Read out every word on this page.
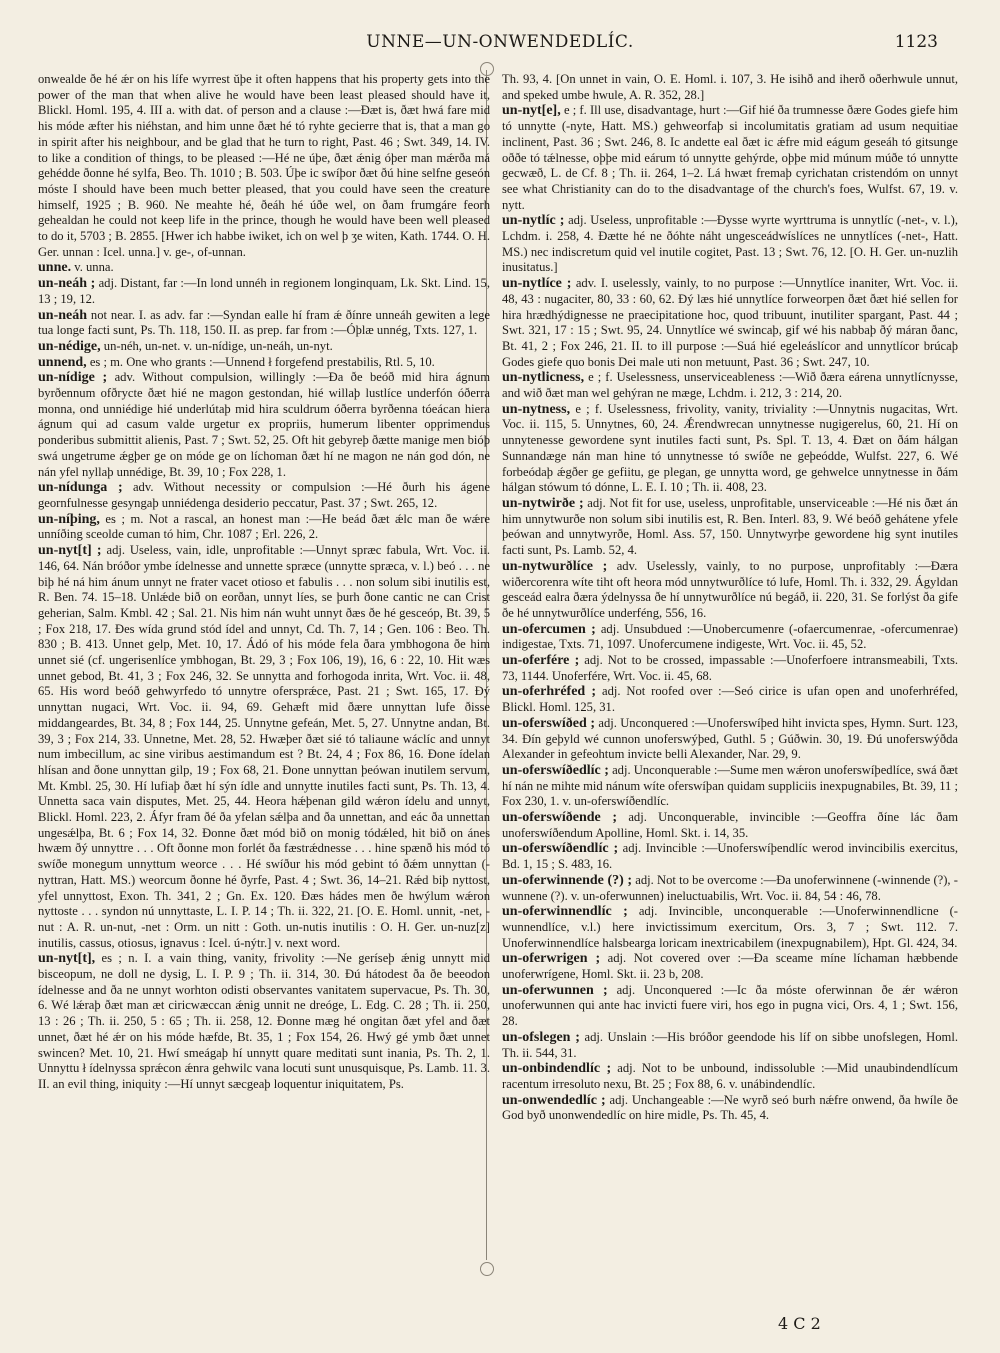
UNNE—UN-ONWENDEDLÍC.	1123

onwealde ðe hé ǽr on his lífe wyrrest ǔþe it often happens that his property gets into the power of the man that when alive he would have been least pleased should have it, Blickl. Homl. 195, 4. III a. with dat. of person and a clause :—Ðæt is, ðæt hwá fare mid his móde æfter his niéhstan, and him unne ðæt hé tó ryhte gecierre that is, that a man go in spirit after his neighbour, and be glad that he turn to right, Past. 46 ; Swt. 349, 14. IV. to like a condition of things, to be pleased :—Hé ne úþe, ðæt ǽnig óþer man mǽrða má gehédde ðonne hé sylfa, Beo. Th. 1010 ; B. 503. Úþe ic swíþor ðæt ðú hine selfne geseón móste I should have been much better pleased, that you could have seen the creature himself, 1925 ; B. 960. Ne meahte hé, ðeáh hé úðe wel, on ðam frumgáre feorh gehealdan he could not keep life in the prince, though he would have been well pleased to do it, 5703 ; B. 2855. [Hwer ich habbe iwiket, ich on wel þ ʒe witen, Kath. 1744. O. H. Ger. unnan : Icel. unna.] v. ge-, of-unnan.

unne. v. unna.

un-neáh ; adj. Distant, far :—In lond unnéh in regionem longinquam, Lk. Skt. Lind. 15, 13 ; 19, 12.

un-neáh not near. I. as adv. far :—Syndan ealle hí fram ǽ ðínre unneáh gewiten a lege tua longe facti sunt, Ps. Th. 118, 150. II. as prep. far from :—Óþlæ unnég, Txts. 127, 1.

un-nédige, un-néh, un-net. v. un-nídige, un-neáh, un-nyt.

unnend, es ; m. One who grants :—Unnend ł forgefend prestabilis, Rtl. 5, 10.

un-nídige ; adv. Without compulsion, willingly :—Ða ðe beóð mid hira ágnum byrðennum ofðrycte ðæt hié ne magon gestondan, hié willaþ lustlíce underfón óðerra monna, ond unniédige hié underlútaþ mid hira sculdrum óðerra byrðenna tóeácan hiera ágnum qui ad casum valde urgetur ex propriis, humerum libenter opprimendus ponderibus submittit alienis, Past. 7 ; Swt. 52, 25. Oft hit gebyreþ ðætte manige men bióþ swá ungetrume ǽgþer ge on móde ge on líchoman ðæt hí ne magon ne nán god dón, ne nán yfel nyllaþ unnédige, Bt. 39, 10 ; Fox 228, 1.

un-nídunga ; adv. Without necessity or compulsion :—Hé ðurh his ágene geornfulnesse gesyngaþ unniédenga desiderio peccatur, Past. 37 ; Swt. 265, 12.

un-níþing, es ; m. Not a rascal, an honest man :—He beád ðæt ǽlc man ðe wǽre unníðing sceolde cuman tó him, Chr. 1087 ; Erl. 226, 2.

un-nyt[t] ; adj. Useless, vain, idle, unprofitable :—Unnyt spræc fabula, Wrt. Voc. ii. 146, 64. Nán bróðor ymbe ídelnesse and unnette spræce (unnytte spræca, v. l.) beó . . . ne biþ hé ná him ánum unnyt ne frater vacet otioso et fabulis . . . non solum sibi inutilis est, R. Ben. 74. 15–18. Unlǽde bið on eorðan, unnyt líes, se þurh ðone cantic ne can Crist geherian, Salm. Kmbl. 42 ; Sal. 21. Nis him nán wuht unnyt ðæs ðe hé gesceóp, Bt. 39, 5 ; Fox 218, 17. Ðes wída grund stód ídel and unnyt, Cd. Th. 7, 14 ; Gen. 106 : Beo. Th. 830 ; B. 413. Unnet gelp, Met. 10, 17. Ádó of his móde fela ðara ymbhogona ðe him unnet sié (cf. ungerisenlíce ymbhogan, Bt. 29, 3 ; Fox 106, 19), 16, 6 : 22, 10. Hit wæs unnet gebod, Bt. 41, 3 ; Fox 246, 32. Se unnytta and forhogoda inrita, Wrt. Voc. ii. 48, 65. His word beóð gehwyrfedo tó unnytre ofersprǽce, Past. 21 ; Swt. 165, 17. Ðý unnyttan nugaci, Wrt. Voc. ii. 94, 69. Gehæft mid ðære unnyttan lufe ðisse middangeardes, Bt. 34, 8 ; Fox 144, 25. Unnytne gefeán, Met. 5, 27. Unnytne andan, Bt. 39, 3 ; Fox 214, 33. Unnetne, Met. 28, 52. Hwæþer ðæt sié tó taliaune wáclíc and unnyt num imbecillum, ac sine viribus aestimandum est ? Bt. 24, 4 ; Fox 86, 16. Ðone ídelan hlísan and ðone unnyttan gilp, 19 ; Fox 68, 21. Ðone unnyttan þeówan inutilem servum, Mt. Kmbl. 25, 30. Hí lufiaþ ðæt hí sýn ídle and unnytte inutiles facti sunt, Ps. Th. 13, 4. Unnetta saca vain disputes, Met. 25, 44. Heora hǽþenan gild wǽron ídelu and unnyt, Blickl. Homl. 223, 2. Áfyr fram ðé ða yfelan sǽlþa and ða unnettan, and eác ða unnettan ungesǽlþa, Bt. 6 ; Fox 14, 32. Ðonne ðæt mód bið on monig tódǽled, hit bið on ánes hwæm ðý unnyttre . . . Oft ðonne mon forlét ða fæstrǽdnesse . . . hine spænð his mód tó swíðe monegum unnyttum weorce . . . Hé swíður his mód gebint tó ðǽm unnyttan (-nyttran, Hatt. MS.) weorcum ðonne hé ðyrfe, Past. 4 ; Swt. 36, 14–21. Rǽd biþ nyttost, yfel unnyttost, Exon. Th. 341, 2 ; Gn. Ex. 120. Ðæs hádes men ðe hwýlum wǽron nyttoste . . . syndon nú unnyttaste, L. I. P. 14 ; Th. ii. 322, 21. [O. E. Homl. unnit, -net, -nut : A. R. un-nut, -net : Orm. un nitt : Goth. un-nutis inutilis : O. H. Ger. un-nuz[z] inutilis, cassus, otiosus, ignavus : Icel. ú-nýtr.] v. next word.

un-nyt[t], es ; n. I. a vain thing, vanity, frivolity :—Ne geríseþ ǽnig unnytt mid bisceopum, ne doll ne dysig, L. I. P. 9 ; Th. ii. 314, 30. Ðú hátodest ða ðe beeodon ídelnesse and ða ne unnyt worhton odisti observantes vanitatem supervacue, Ps. Th. 30, 6. Wé lǽraþ ðæt man æt ciricwæccan ǽnig unnit ne dreóge, L. Edg. C. 28 ; Th. ii. 250, 13 : 26 ; Th. ii. 250, 5 : 65 ; Th. ii. 258, 12. Ðonne mæg hé ongitan ðæt yfel and ðæt unnet, ðæt hé ǽr on his móde hæfde, Bt. 35, 1 ; Fox 154, 26. Hwý gé ymb ðæt unnet swincen? Met. 10, 21. Hwí smeágaþ hí unnytt quare meditati sunt inania, Ps. Th. 2, 1. Unnyttu ł ídelnyssa sprǽcon ǽnra gehwilc vana locuti sunt unusquisque, Ps. Lamb. 11. 3. II. an evil thing, iniquity :—Hí unnyt sæcgeaþ loquentur iniquitatem, Ps.

Th. 93, 4. [On unnet in vain, O. E. Homl. i. 107, 3. He isihð and iherð oðerhwule unnut, and speked umbe hwule, A. R. 352, 28.]

un-nyt[e], e ; f. Ill use, disadvantage, hurt :—Gif hié ða trumnesse ðære Godes giefe him tó unnytte (-nyte, Hatt. MS.) gehweorfaþ si incolumitatis gratiam ad usum nequitiae inclinent, Past. 36 ; Swt. 246, 8. Ic andette eal ðæt ic ǽfre mid eágum geseáh tó gitsunge oððe tó tǽlnesse, oþþe mid eárum tó unnytte gehýrde, oþþe mid múnum múðe tó unnytte gecwæð, L. de Cf. 8 ; Th. ii. 264, 1–2. Lá hwæt fremaþ cyrichatan cristendóm on unnyt see what Christianity can do to the disadvantage of the church's foes, Wulfst. 67, 19. v. nytt.

un-nytlíc ; adj. Useless, unprofitable :—Ðysse wyrte wyrttruma is unnytlíc (-net-, v. l.), Lchdm. i. 258, 4. Ðætte hé ne ðóhte náht ungesceádwíslíces ne unnytlíces (-net-, Hatt. MS.) nec indiscretum quid vel inutile cogitet, Past. 13 ; Swt. 76, 12. [O. H. Ger. un-nuzlih inusitatus.]

un-nytlíce ; adv. I. uselessly, vainly, to no purpose :—Unnytlíce inaniter, Wrt. Voc. ii. 48, 43 : nugaciter, 80, 33 : 60, 62. Ðý læs hié unnytlíce forweorpen ðæt ðæt hié sellen for hira hrædhýdignesse ne praecipitatione hoc, quod tribuunt, inutiliter spargant, Past. 44 ; Swt. 321, 17 : 15 ; Swt. 95, 24. Unnytlíce wé swincaþ, gif wé his nabbaþ ðý máran ðanc, Bt. 41, 2 ; Fox 246, 21. II. to ill purpose :—Suá hié egeleáslícor and unnytlícor brúcaþ Godes giefe quo bonis Dei male uti non metuunt, Past. 36 ; Swt. 247, 10.

un-nytlicness, e ; f. Uselessness, unserviceableness :—Wið ðæra eárena unnytlícnysse, and wið ðæt man wel gehýran ne mæge, Lchdm. i. 212, 3 : 214, 20.

un-nytness, e ; f. Uselessness, frivolity, vanity, triviality :—Unnytnis nugacitas, Wrt. Voc. ii. 115, 5. Unnytnes, 60, 24. Ǽrendwrecan unnytnesse nugigerelus, 60, 21. Hí on unnytenesse gewordene synt inutiles facti sunt, Ps. Spl. T. 13, 4. Ðæt on ðám hálgan Sunnandæge nán man hine tó unnytnesse tó swíðe ne geþeódde, Wulfst. 227, 6. Wé forbeódaþ ǽgðer ge gefiitu, ge plegan, ge unnytta word, ge gehwelce unnytnesse in ðám hálgan stówum tó dónne, L. E. I. 10 ; Th. ii. 408, 23.

un-nytwirðe ; adj. Not fit for use, useless, unprofitable, unserviceable :—Hé nis ðæt án him unnytwurðe non solum sibi inutilis est, R. Ben. Interl. 83, 9. Wé beóð gehátene yfele þeówan and unnytwyrðe, Homl. Ass. 57, 150. Unnytwyrþe gewordene hig synt inutiles facti sunt, Ps. Lamb. 52, 4.

un-nytwurðlíce ; adv. Uselessly, vainly, to no purpose, unprofitably :—Ðæra wiðercorenra wíte tiht oft heora mód unnytwurðlíce tó lufe, Homl. Th. i. 332, 29. Ágyldan gesceád ealra ðæra ýdelnyssa ðe hí unnytwurðlíce nú begáð, ii. 220, 31. Se forlýst ða gife ðe hé unnytwurðlíce underféng, 556, 16.

un-ofercumen ; adj. Unsubdued :—Unobercumenre (-ofaercumenrae, -ofercumenrae) indigestae, Txts. 71, 1097. Unofercumene indigeste, Wrt. Voc. ii. 45, 52.

un-oferfére ; adj. Not to be crossed, impassable :—Unoferfoere intransmeabili, Txts. 73, 1144. Unoferfére, Wrt. Voc. ii. 45, 68.

un-oferhréfed ; adj. Not roofed over :—Seó cirice is ufan open and unoferhréfed, Blickl. Homl. 125, 31.

un-oferswíðed ; adj. Unconquered :—Unoferswíþed hiht invicta spes, Hymn. Surt. 123, 34. Ðín geþyld wé cunnon unoferswýþed, Guthl. 5 ; Gúðwin. 30, 19. Ðú unoferswýðda Alexander in gefeohtum invicte belli Alexander, Nar. 29, 9.

un-oferswíðedlíc ; adj. Unconquerable :—Sume men wǽron unoferswíþedlíce, swá ðæt hí nán ne mihte mid nánum wíte oferswíþan quidam suppliciis inexpugnabiles, Bt. 39, 11 ; Fox 230, 1. v. un-oferswíðendlíc.

un-oferswíðende ; adj. Unconquerable, invincible :—Geoffra ðíne lác ðam unoferswíðendum Apolline, Homl. Skt. i. 14, 35.

un-oferswíðendlíc ; adj. Invincible :—Unoferswíþendlíc werod invincibilis exercitus, Bd. 1, 15 ; S. 483, 16.

un-oferwinnende (?) ; adj. Not to be overcome :—Ða unoferwinnene (-winnende (?), -wunnene (?). v. un-oferwunnen) ineluctuabilis, Wrt. Voc. ii. 84, 54 : 46, 78.

un-oferwinnendlíc ; adj. Invincible, unconquerable :—Unoferwinnendlicne (-wunnendlíce, v.l.) here invictissimum exercitum, Ors. 3, 7 ; Swt. 112. 7. Unoferwinnendlíce halsbearga loricam inextricabilem (inexpugnabilem), Hpt. Gl. 424, 34.

un-oferwrigen ; adj. Not covered over :—Ða sceame míne líchaman hæbbende unoferwrígene, Homl. Skt. ii. 23 b, 208.

un-oferwunnen ; adj. Unconquered :—Ic ða móste oferwinnan ðe ǽr wǽron unoferwunnen qui ante hac invicti fuere viri, hos ego in pugna vici, Ors. 4, 1 ; Swt. 156, 28.

un-ofslegen ; adj. Unslain :—His bróðor geendode his líf on sibbe unofslegen, Homl. Th. ii. 544, 31.

un-onbindendlíc ; adj. Not to be unbound, indissoluble :—Mid unaubindendlícum racentum irresoluto nexu, Bt. 25 ; Fox 88, 6. v. unábindendlíc.

un-onwendedlíc ; adj. Unchangeable :—Ne wyrð seó burh nǽfre onwend, ða hwíle ðe God byð unonwendedlíc on hire midle, Ps. Th. 45, 4.

4 C 2
